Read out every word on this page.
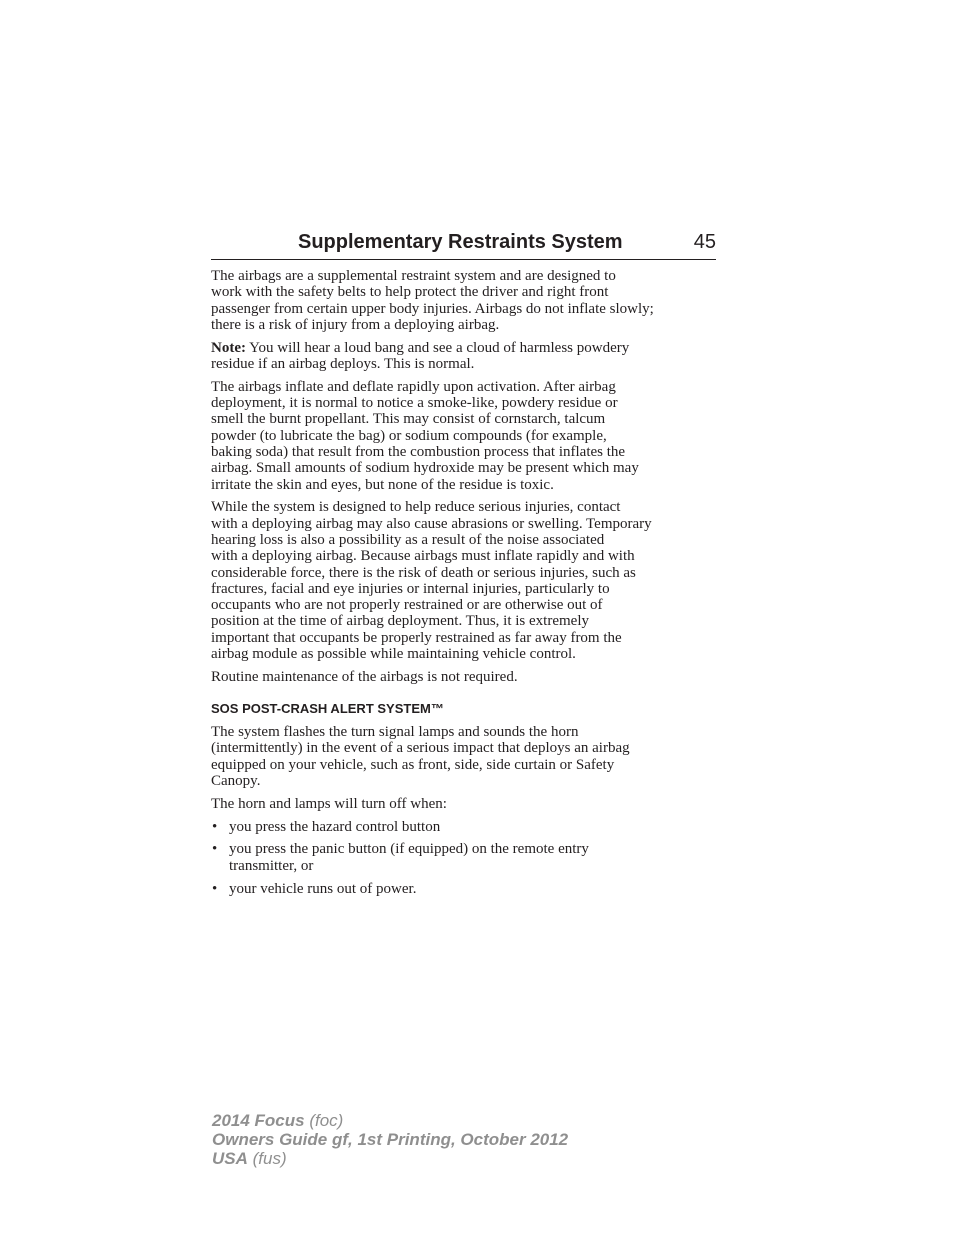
Supplementary Restraints System	45

The airbags are a supplemental restraint system and are designed to
work with the safety belts to help protect the driver and right front
passenger from certain upper body injuries. Airbags do not inflate slowly;
there is a risk of injury from a deploying airbag.

Note: You will hear a loud bang and see a cloud of harmless powdery
residue if an airbag deploys. This is normal.

The airbags inflate and deflate rapidly upon activation. After airbag
deployment, it is normal to notice a smoke-like, powdery residue or
smell the burnt propellant. This may consist of cornstarch, talcum
powder (to lubricate the bag) or sodium compounds (for example,
baking soda) that result from the combustion process that inflates the
airbag. Small amounts of sodium hydroxide may be present which may
irritate the skin and eyes, but none of the residue is toxic.

While the system is designed to help reduce serious injuries, contact
with a deploying airbag may also cause abrasions or swelling. Temporary
hearing loss is also a possibility as a result of the noise associated
with a deploying airbag. Because airbags must inflate rapidly and with
considerable force, there is the risk of death or serious injuries, such as
fractures, facial and eye injuries or internal injuries, particularly to
occupants who are not properly restrained or are otherwise out of
position at the time of airbag deployment. Thus, it is extremely
important that occupants be properly restrained as far away from the
airbag module as possible while maintaining vehicle control.

Routine maintenance of the airbags is not required.

SOS POST-CRASH ALERT SYSTEM™

The system flashes the turn signal lamps and sounds the horn
(intermittently) in the event of a serious impact that deploys an airbag
equipped on your vehicle, such as front, side, side curtain or Safety
Canopy.

The horn and lamps will turn off when:

• you press the hazard control button
• you press the panic button (if equipped) on the remote entry
transmitter, or
• your vehicle runs out of power.
2014 Focus (foc)
Owners Guide gf, 1st Printing, October 2012
USA (fus)
